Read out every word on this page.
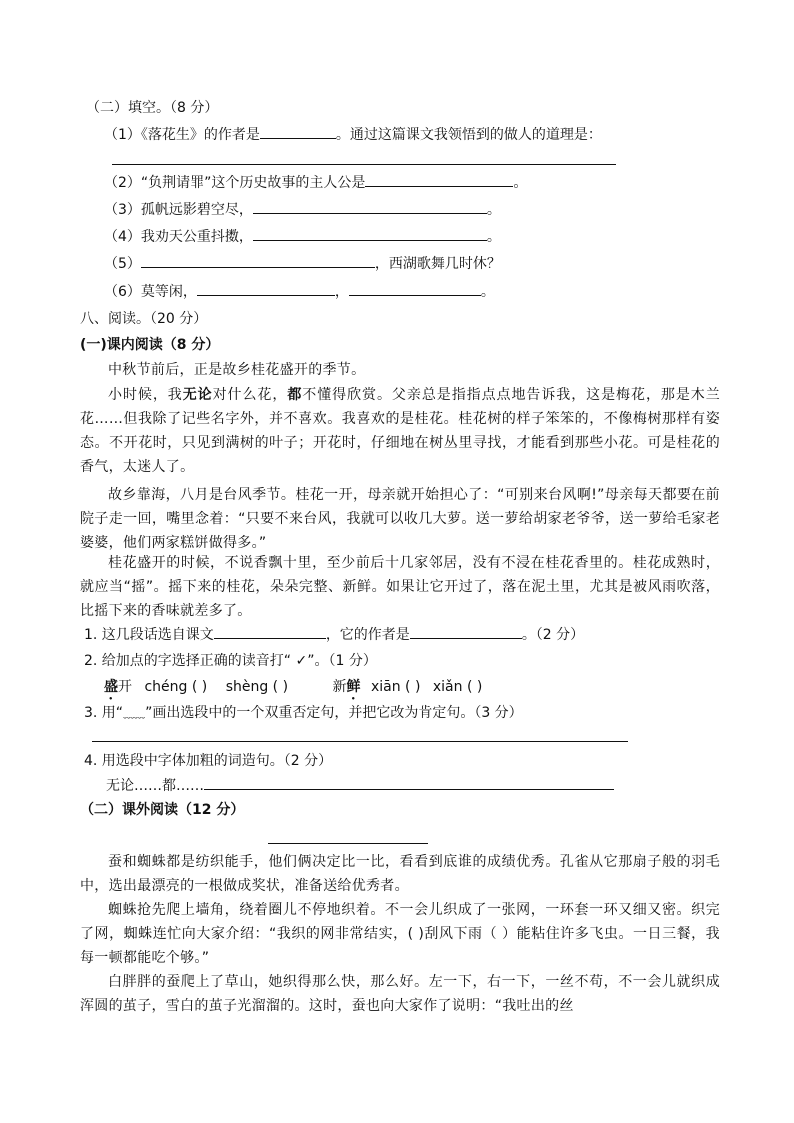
（二）填空。（8 分）
（1）《落花生》的作者是	。通过这篇课文我领悟到的做人的道理是：
（2）“负荆请罪”这个历史故事的主人公是	。
（3）孤帆远影碧空尽，	。
（4）我劝天公重抖擞，	。
（5）	，西湖歌舞几时休？
（6）莫等闲，	，	。
八、阅读。（20 分）
(一)课内阅读（8 分）
中秋节前后，正是故乡桂花盛开的季节。
小时候，我无论对什么花，都不懂得欣赏。父亲总是指指点点地告诉我，这是梅花，那是木兰花……但我除了记些名字外，并不喜欢。我喜欢的是桂花。桂花树的样子笨笨的，不像梅树那样有姿态。不开花时，只见到满树的叶子；开花时，仔细地在树丛里寻找，才能看到那些小花。可是桂花的香气，太迷人了。
故乡靠海，八月是台风季节。桂花一开，母亲就开始担心了：“可别来台风啊!”母亲每天都要在前院子走一回，嘴里念着：“只要不来台风，我就可以收几大萝。送一萝给胡家老爷爷，送一萝给毛家老婆婆，他们两家糕饼做得多。”
桂花盛开的时候，不说香飘十里，至少前后十几家邻居，没有不浸在桂花香里的。桂花成熟时，就应当“摇”。摇下来的桂花，朵朵完整、新鲜。如果让它开过了，落在泥土里，尤其是被风雨吹落，比摇下来的香味就差多了。
1. 这几段话选自课文	，它的作者是	。（2 分）
2. 给加点的字选择正确的读音打“ ✓”。（1 分）
盛开 chéng ( ) shèng ( )	新鲜 xiān ( ) xiǎn ( )
3. 用“﹏﹏”画出选段中的一个双重否定句，并把它改为肯定句。（3 分）
4. 用选段中字体加粗的词造句。（2 分）
无论……都……
（二）课外阅读（12 分）
蚕和蜘蛛都是纺织能手，他们俩决定比一比，看看到底谁的成绩优秀。孔雀从它那扇子般的羽毛中，选出最漂亮的一根做成奖状，准备送给优秀者。
蜘蛛抢先爬上墙角，绕着圈儿不停地织着。不一会儿织成了一张网，一环套一环又细又密。织完了网，蜘蛛连忙向大家介绍：“我织的网非常结实，( )刮风下雨（ ）能粘住许多飞虫。一日三餐，我每一顿都能吃个够。”
白胖胖的蚕爬上了草山，她织得那么快，那么好。左一下，右一下，一丝不苟，不一会儿就织成浑圆的茧子，雪白的茧子光溜溜的。这时，蚕也向大家作了说明：“我吐出的丝
